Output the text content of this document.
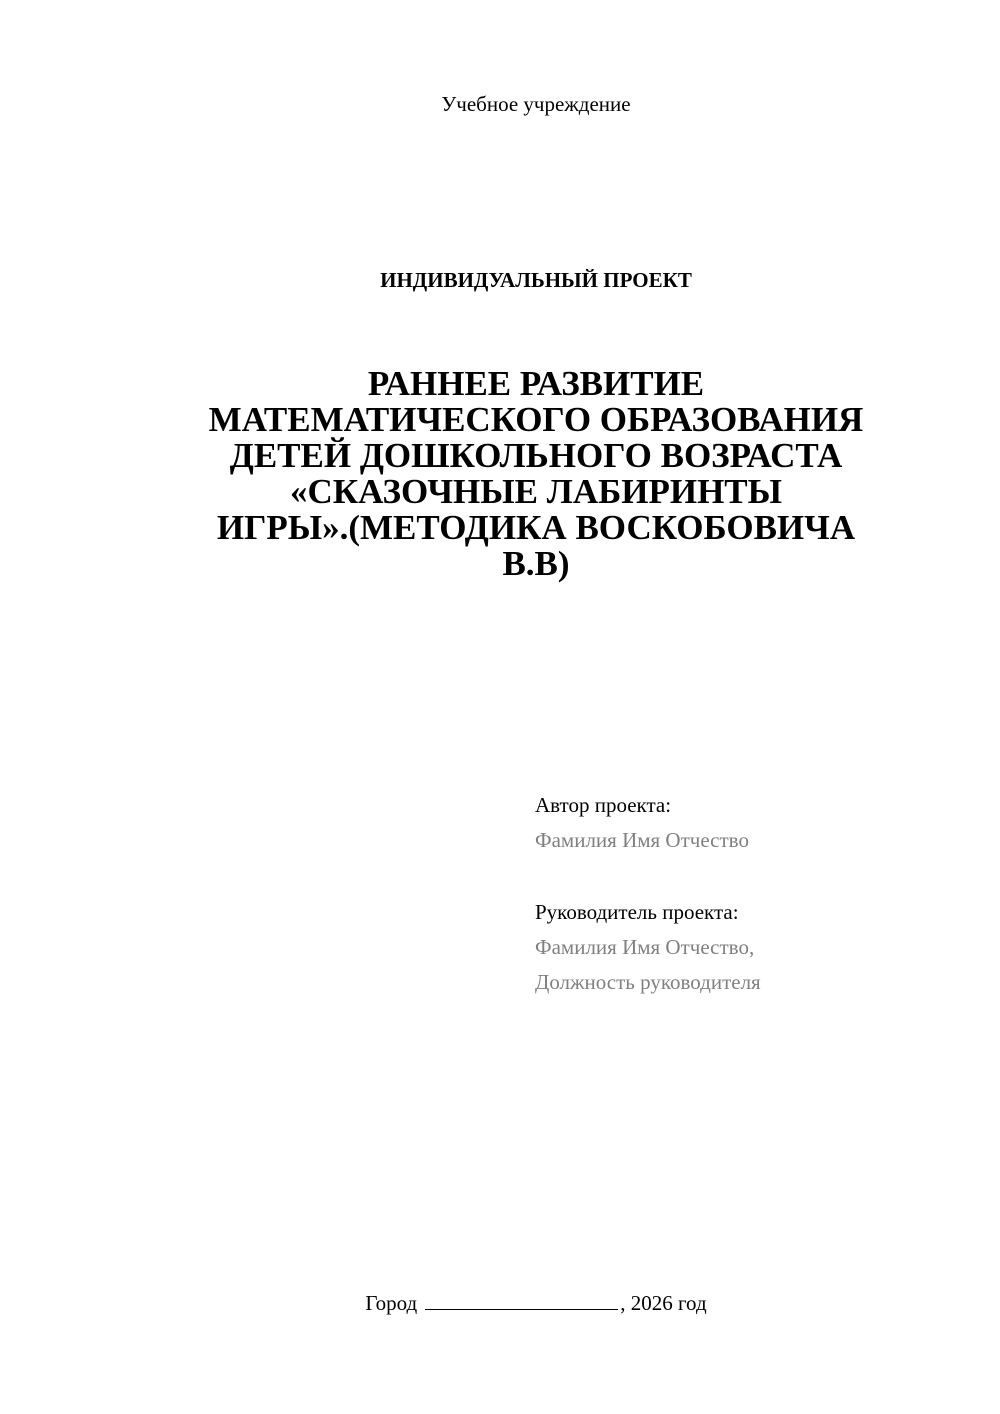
Учебное учреждение
ИНДИВИДУАЛЬНЫЙ ПРОЕКТ
РАННЕЕ РАЗВИТИЕ
МАТЕМАТИЧЕСКОГО ОБРАЗОВАНИЯ
ДЕТЕЙ ДОШКОЛЬНОГО ВОЗРАСТА
«СКАЗОЧНЫЕ ЛАБИРИНТЫ
ИГРЫ».(МЕТОДИКА ВОСКОБОВИЧА
В.В)
Автор проекта:
Фамилия Имя Отчество
Руководитель проекта:
Фамилия Имя Отчество,
Должность руководителя
Город	, 2026 год
